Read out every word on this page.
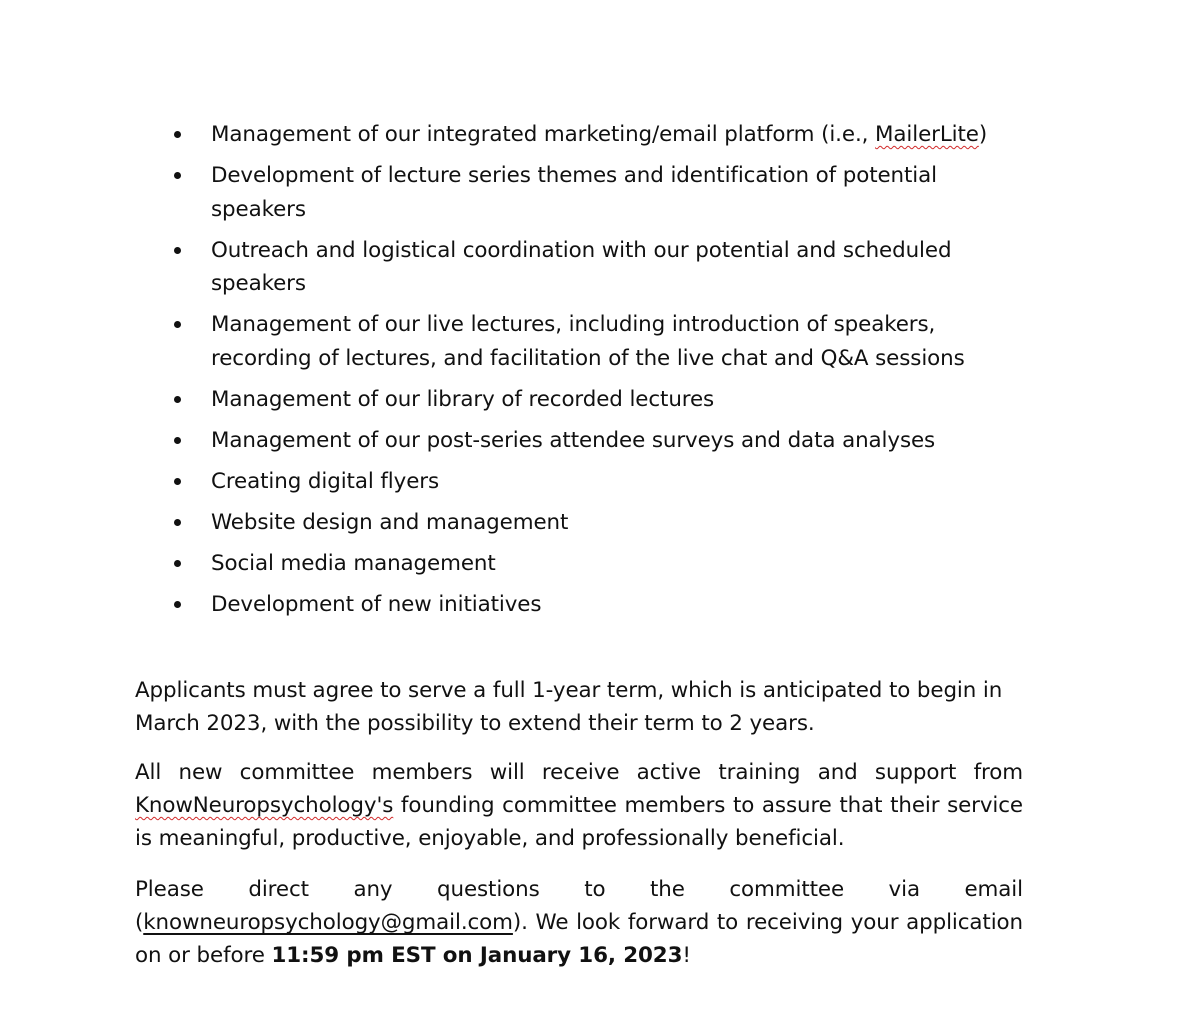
Management of our integrated marketing/email platform (i.e., MailerLite)
Development of lecture series themes and identification of potential speakers
Outreach and logistical coordination with our potential and scheduled speakers
Management of our live lectures, including introduction of speakers, recording of lectures, and facilitation of the live chat and Q&A sessions
Management of our library of recorded lectures
Management of our post-series attendee surveys and data analyses
Creating digital flyers
Website design and management
Social media management
Development of new initiatives

Applicants must agree to serve a full 1-year term, which is anticipated to begin in March 2023, with the possibility to extend their term to 2 years.

All new committee members will receive active training and support from KnowNeuropsychology's founding committee members to assure that their service is meaningful, productive, enjoyable, and professionally beneficial.

Please direct any questions to the committee via email (knowneuropsychology@gmail.com). We look forward to receiving your application on or before 11:59 pm EST on January 16, 2023!
